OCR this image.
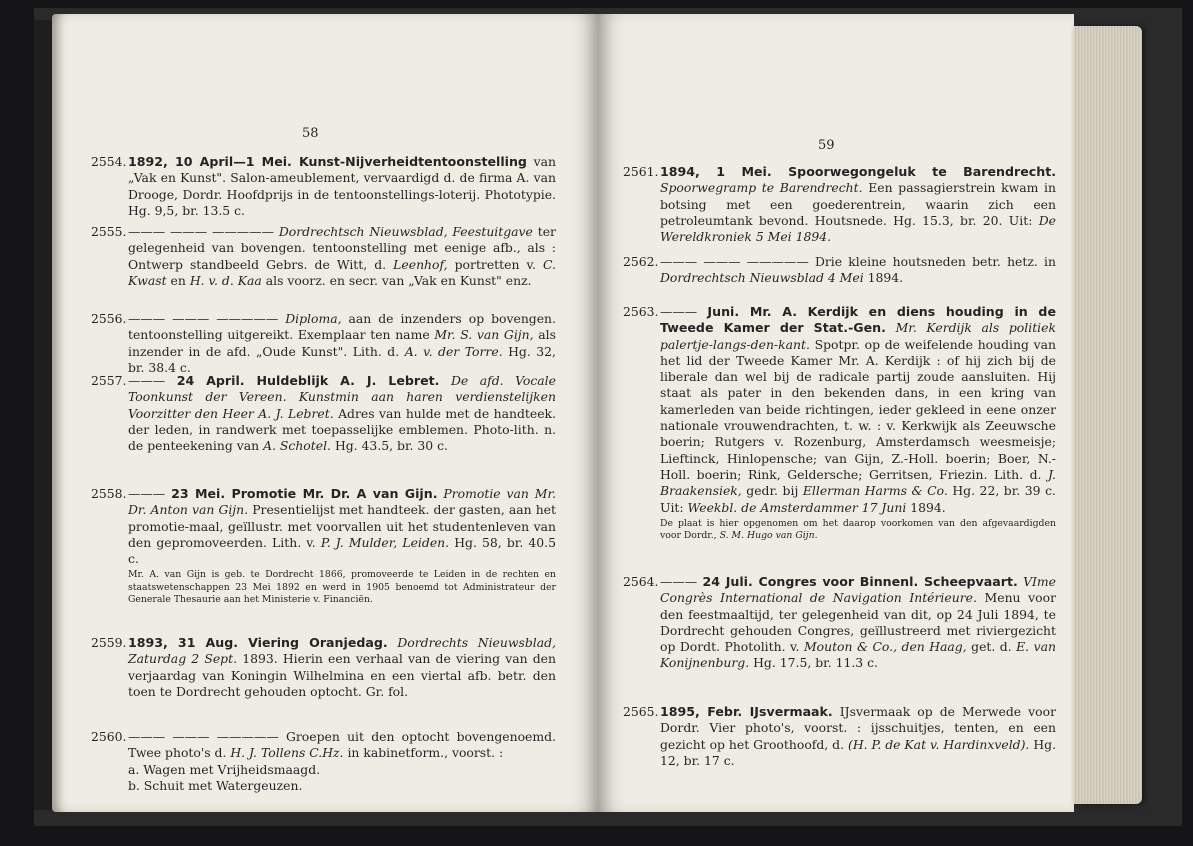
58
2554. 1892, 10 April—1 Mei. Kunst-Nijverheidtentoonstelling van „Vak en Kunst". Salon-ameublement, vervaardigd d. de firma A. van Drooge, Dordr. Hoofdprijs in de tentoonstellings-loterij. Phototypie. Hg. 9,5, br. 13.5 c.
2555. ——— ——— ————— Dordrechtsch Nieuwsblad, Feestuitgave ter gelegenheid van bovengen. tentoonstelling met eenige afb., als : Ontwerp standbeeld Gebrs. de Witt, d. Leenhof, portretten v. C. Kwast en H. v. d. Kaa als voorz. en secr. van „Vak en Kunst" enz.
2556. ——— ——— ————— Diploma, aan de inzenders op bovengen. tentoonstelling uitgereikt. Exemplaar ten name Mr. S. van Gijn, als inzender in de afd. „Oude Kunst". Lith. d. A. v. der Torre. Hg. 32, br. 38.4 c.
2557. ——— 24 April. Huldeblijk A. J. Lebret. De afd. Vocale Toonkunst der Vereen. Kunstmin aan haren verdienstelijken Voorzitter den Heer A. J. Lebret. Adres van hulde met de handteek. der leden, in randwerk met toepasselijke emblemen. Photo-lith. n. de penteekening van A. Schotel. Hg. 43.5, br. 30 c.
2558. ——— 23 Mei. Promotie Mr. Dr. A van Gijn. Promotie van Mr. Dr. Anton van Gijn. Presentielijst met handteek. der gasten, aan het promotie-maal, geïllustr. met voorvallen uit het studentenleven van den gepromoveerden. Lith. v. P. J. Mulder, Leiden. Hg. 58, br. 40.5 c.
Mr. A. van Gijn is geb. te Dordrecht 1866, promoveerde te Leiden in de rechten en staatswetenschappen 23 Mei 1892 en werd in 1905 benoemd tot Administrateur der Generale Thesaurie aan het Ministerie v. Financiën.
2559. 1893, 31 Aug. Viering Oranjedag. Dordrechts Nieuwsblad, Zaturdag 2 Sept. 1893. Hierin een verhaal van de viering van den verjaardag van Koningin Wilhelmina en een viertal afb. betr. den toen te Dordrecht gehouden optocht. Gr. fol.
2560. ——— ——— ————— Groepen uit den optocht bovengenoemd. Twee photo's d. H. J. Tollens C.Hz. in kabinetform., voorst. :
a. Wagen met Vrijheidsmaagd.
b. Schuit met Watergeuzen.
59
2561. 1894, 1 Mei. Spoorwegongeluk te Barendrecht. Spoorwegramp te Barendrecht. Een passagierstrein kwam in botsing met een goederentrein, waarin zich een petroleumtank bevond. Houtsnede. Hg. 15.3, br. 20. Uit: De Wereldkroniek 5 Mei 1894.
2562. ——— ——— ————— Drie kleine houtsneden betr. hetz. in Dordrechtsch Nieuwsblad 4 Mei 1894.
2563. ——— Juni. Mr. A. Kerdijk en diens houding in de Tweede Kamer der Stat.-Gen. Mr. Kerdijk als politiek palertje-langs-den-kant. Spotpr. op de weifelende houding van het lid der Tweede Kamer Mr. A. Kerdijk : of hij zich bij de liberale dan wel bij de radicale partij zoude aansluiten. Hij staat als pater in den bekenden dans, in een kring van kamerleden van beide richtingen, ieder gekleed in eene onzer nationale vrouwendrachten, t. w. : v. Kerkwijk als Zeeuwsche boerin; Rutgers v. Rozenburg, Amsterdamsch weesmeisje; Lieftinck, Hinlopensche; van Gijn, Z.-Holl. boerin; Boer, N.-Holl. boerin; Rink, Geldersche; Gerritsen, Friezin. Lith. d. J. Braakensiek, gedr. bij Ellerman Harms & Co. Hg. 22, br. 39 c. Uit: Weekbl. de Amsterdammer 17 Juni 1894.
De plaat is hier opgenomen om het daarop voorkomen van den afgevaardigden voor Dordr., S. M. Hugo van Gijn.
2564. ——— 24 Juli. Congres voor Binnenl. Scheepvaart. VIme Congrès International de Navigation Intérieure. Menu voor den feestmaaltijd, ter gelegenheid van dit, op 24 Juli 1894, te Dordrecht gehouden Congres, geïllustreerd met riviergezicht op Dordt. Photolith. v. Mouton & Co., den Haag, get. d. E. van Konijnenburg. Hg. 17.5, br. 11.3 c.
2565. 1895, Febr. IJsvermaak. IJsvermaak op de Merwede voor Dordr. Vier photo's, voorst. : ijsschuitjes, tenten, en een gezicht op het Groothoofd, d. (H. P. de Kat v. Hardinxveld). Hg. 12, br. 17 c.
